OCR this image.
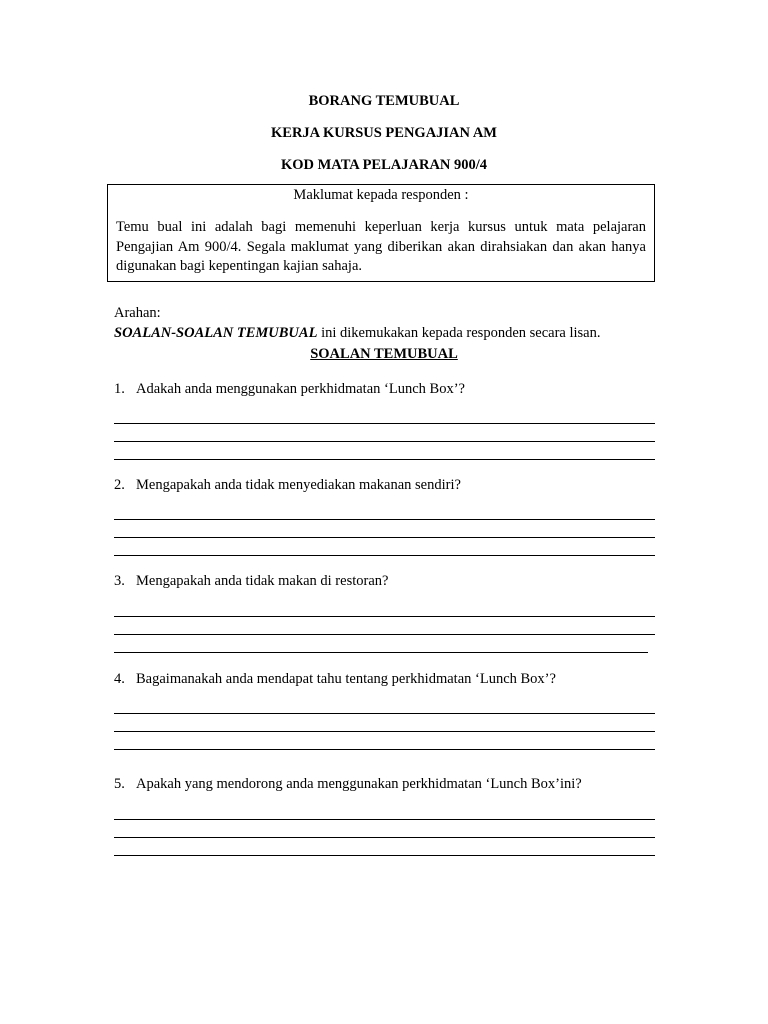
BORANG TEMUBUAL
KERJA KURSUS PENGAJIAN AM
KOD MATA PELAJARAN 900/4
Maklumat kepada responden :
Temu bual ini adalah bagi memenuhi keperluan kerja kursus untuk mata pelajaran Pengajian Am 900/4. Segala maklumat yang diberikan akan dirahsiakan dan akan hanya digunakan bagi kepentingan kajian sahaja.
Arahan:
SOALAN-SOALAN TEMUBUAL ini dikemukakan kepada responden secara lisan.
SOALAN TEMUBUAL
1. Adakah anda menggunakan perkhidmatan ‘Lunch Box’?
2. Mengapakah anda tidak menyediakan makanan sendiri?
3. Mengapakah anda tidak makan di restoran?
4. Bagaimanakah anda mendapat tahu tentang perkhidmatan ‘Lunch Box’?
5. Apakah yang mendorong anda menggunakan perkhidmatan ‘Lunch Box’ini?
